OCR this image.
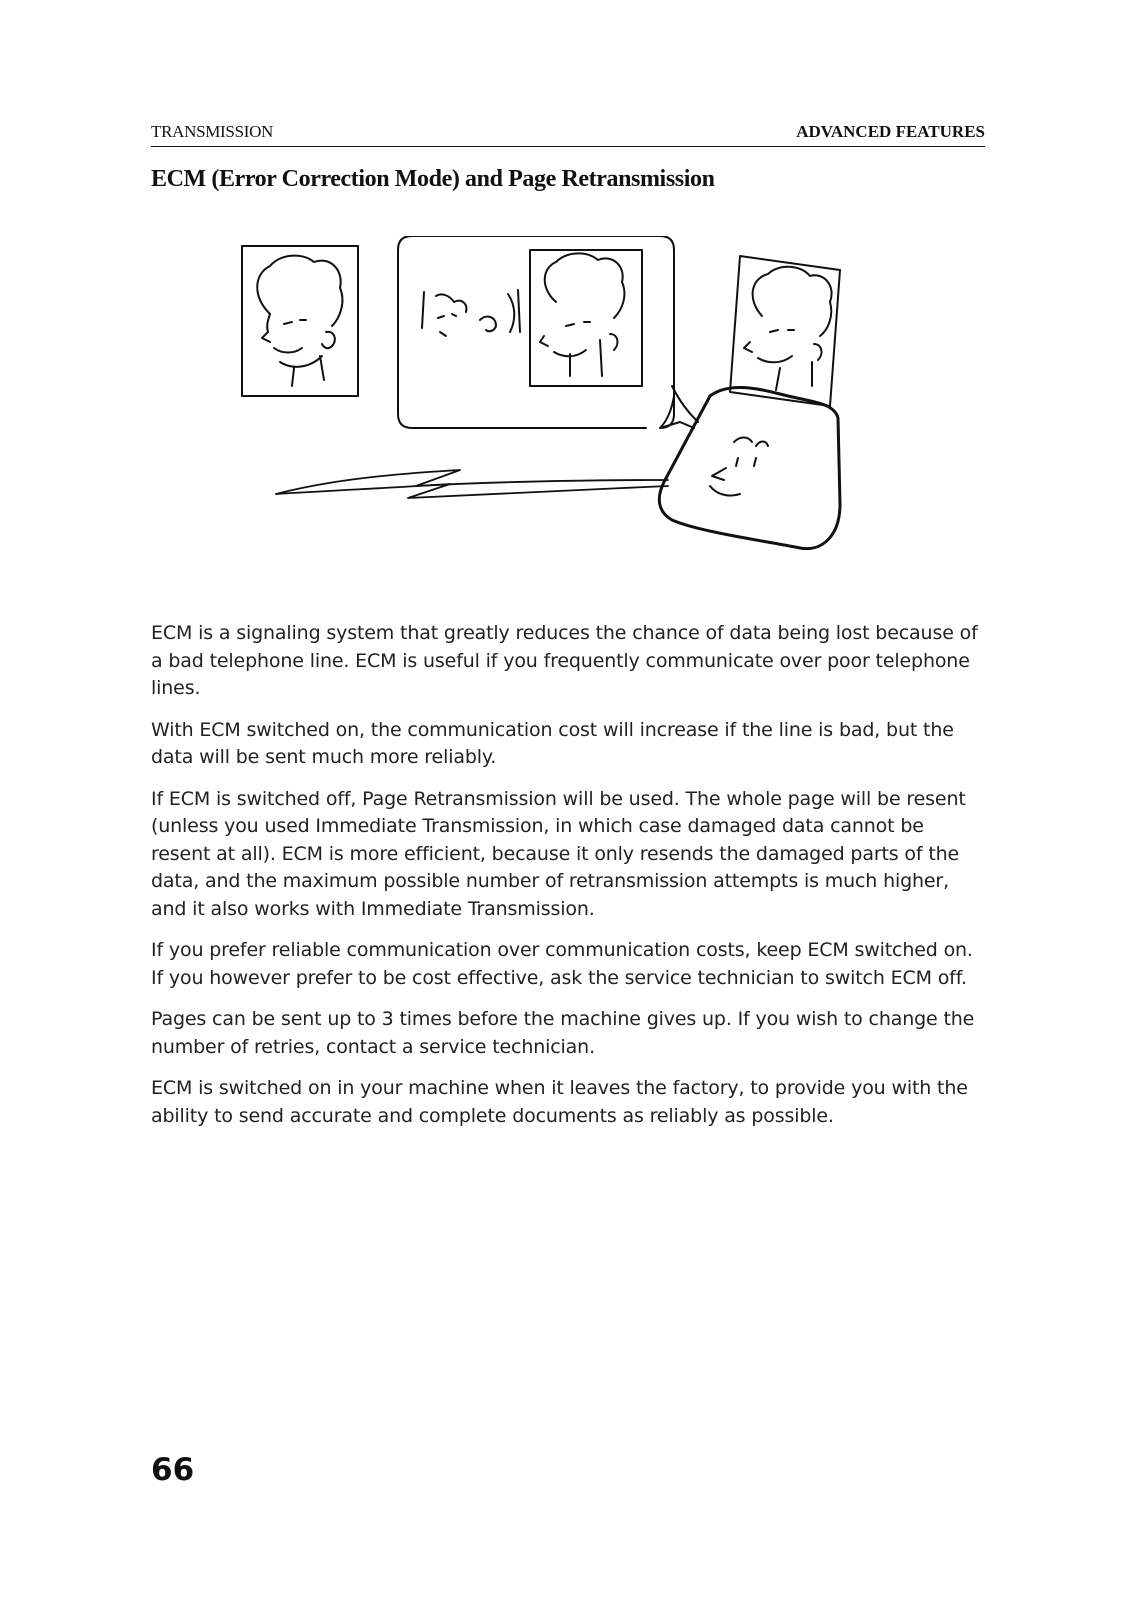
TRANSMISSION	ADVANCED FEATURES
ECM (Error Correction Mode) and Page Retransmission

ECM is a signaling system that greatly reduces the chance of data being lost because of a bad telephone line. ECM is useful if you frequently communicate over poor telephone lines.

With ECM switched on, the communication cost will increase if the line is bad, but the data will be sent much more reliably.

If ECM is switched off, Page Retransmission will be used. The whole page will be resent (unless you used Immediate Transmission, in which case damaged data cannot be resent at all). ECM is more efficient, because it only resends the damaged parts of the data, and the maximum possible number of retransmission attempts is much higher, and it also works with Immediate Transmission.

If you prefer reliable communication over communication costs, keep ECM switched on. If you however prefer to be cost effective, ask the service technician to switch ECM off.

Pages can be sent up to 3 times before the machine gives up. If you wish to change the number of retries, contact a service technician.

ECM is switched on in your machine when it leaves the factory, to provide you with the ability to send accurate and complete documents as reliably as possible.

66
